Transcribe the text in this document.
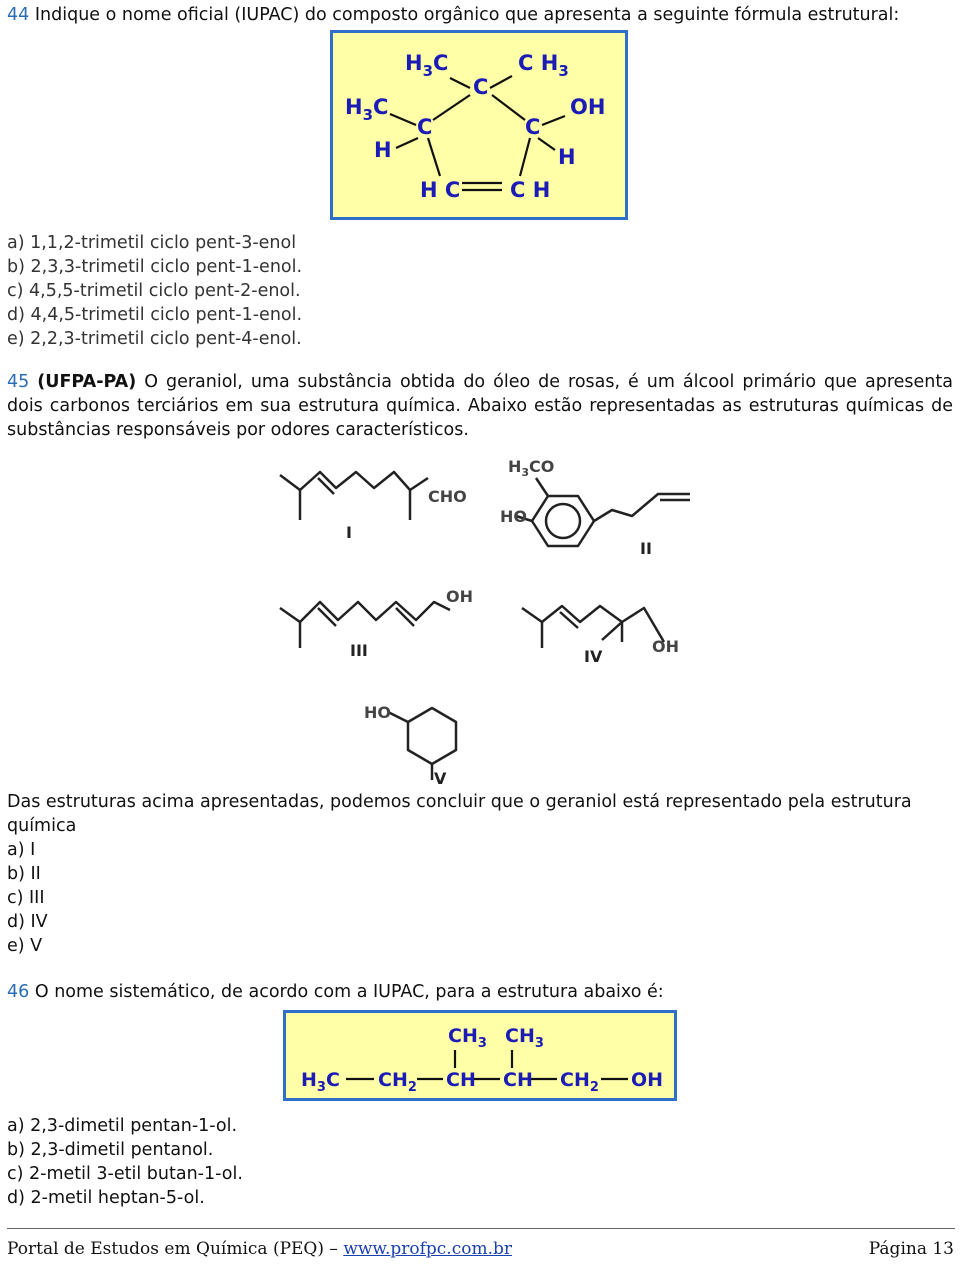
44 Indique o nome oficial (IUPAC) do composto orgânico que apresenta a seguinte fórmula estrutural:
$H_3C$	C $H_3$
C
$H_3C$	OH
C	C
H	H
H C C H
a) 1,1,2-trimetil ciclo pent-3-enol
b) 2,3,3-trimetil ciclo pent-1-enol.
c) 4,5,5-trimetil ciclo pent-2-enol.
d) 4,4,5-trimetil ciclo pent-1-enol.
e) 2,2,3-trimetil ciclo pent-4-enol.
45 (UFPA-PA) O geraniol, uma substância obtida do óleo de rosas, é um álcool primário que apresenta dois carbonos terciários em sua estrutura química. Abaixo estão representadas as estruturas químicas de substâncias responsáveis por odores característicos.
CHO
$H_3CO$
HO
OH
OH
HO
I
II
III	IV
V
Das estruturas acima apresentadas, podemos concluir que o geraniol está representado pela estrutura
química
a) I
b) II
c) III
d) IV
e) V
46 O nome sistemático, de acordo com a IUPAC, para a estrutura abaixo é:
$CH_3$ $CH_3$
$H_3C$ $CH_2$ CH CH $CH_2$ OH
a) 2,3-dimetil pentan-1-ol.
b) 2,3-dimetil pentanol.
c) 2-metil 3-etil butan-1-ol.
d) 2-metil heptan-5-ol.
Portal de Estudos em Química (PEQ) – www.profpc.com.br	Página 13
